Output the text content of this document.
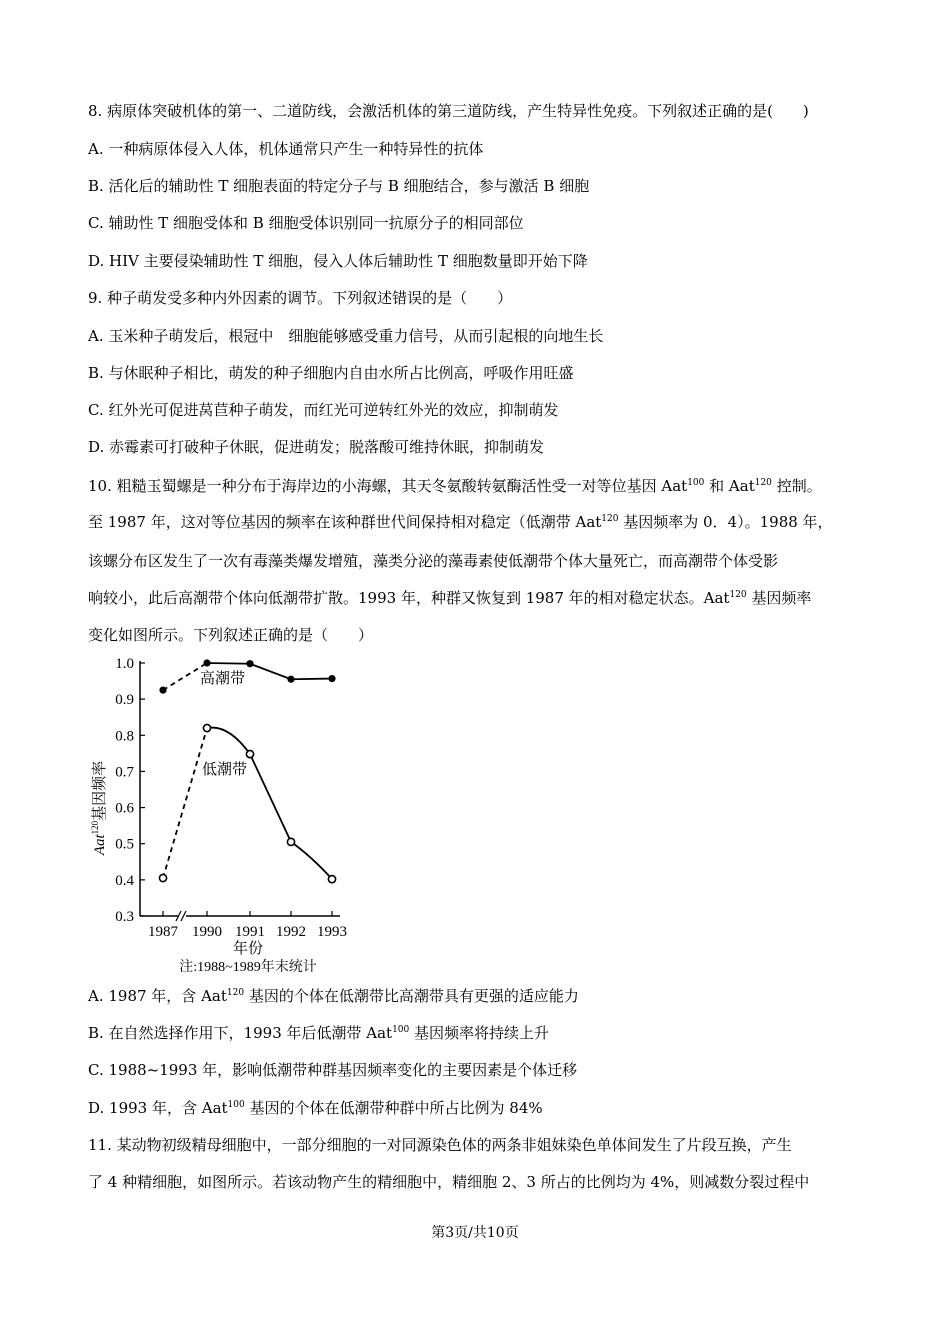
8. 病原体突破机体的第一、二道防线，会激活机体的第三道防线，产生特异性免疫。下列叙述正确的是(　　)
A. 一种病原体侵入人体，机体通常只产生一种特异性的抗体
B. 活化后的辅助性 T 细胞表面的特定分子与 B 细胞结合，参与激活 B 细胞
C. 辅助性 T 细胞受体和 B 细胞受体识别同一抗原分子的相同部位
D. HIV 主要侵染辅助性 T 细胞，侵入人体后辅助性 T 细胞数量即开始下降
9. 种子萌发受多种内外因素的调节。下列叙述错误的是（　　）
A. 玉米种子萌发后，根冠中　细胞能够感受重力信号，从而引起根的向地生长
B. 与休眠种子相比，萌发的种子细胞内自由水所占比例高，呼吸作用旺盛
C. 红外光可促进莴苣种子萌发，而红光可逆转红外光的效应，抑制萌发
D. 赤霉素可打破种子休眠，促进萌发；脱落酸可维持休眠，抑制萌发
10. 粗糙玉蜀螺是一种分布于海岸边的小海螺，其天冬氨酸转氨酶活性受一对等位基因 Aat$^{100}$ 和 Aat$^{120}$ 控制。
至 1987 年，这对等位基因的频率在该种群世代间保持相对稳定（低潮带 Aat$^{120}$ 基因频率为 0．4）。1988 年，
该螺分布区发生了一次有毒藻类爆发增殖，藻类分泌的藻毒素使低潮带个体大量死亡，而高潮带个体受影
响较小，此后高潮带个体向低潮带扩散。1993 年，种群又恢复到 1987 年的相对稳定状态。Aat$^{120}$ 基因频率
变化如图所示。下列叙述正确的是（　　）
1.0
0.9
0.8
0.7
0.6
0.5
0.4
0.3
1987 1990 1991 1992 1993
高潮带
低潮带
年份
注:1988~1989年末统计
Aat$^{120}$基因频率
A. 1987 年，含 Aat$^{120}$ 基因的个体在低潮带比高潮带具有更强的适应能力
B. 在自然选择作用下，1993 年后低潮带 Aat$^{100}$ 基因频率将持续上升
C. 1988~1993 年，影响低潮带种群基因频率变化的主要因素是个体迁移
D. 1993 年，含 Aat$^{100}$ 基因的个体在低潮带种群中所占比例为 84%
11. 某动物初级精母细胞中，一部分细胞的一对同源染色体的两条非姐妹染色单体间发生了片段互换，产生
了 4 种精细胞，如图所示。若该动物产生的精细胞中，精细胞 2、3 所占的比例均为 4%，则减数分裂过程中
第3页/共10页
